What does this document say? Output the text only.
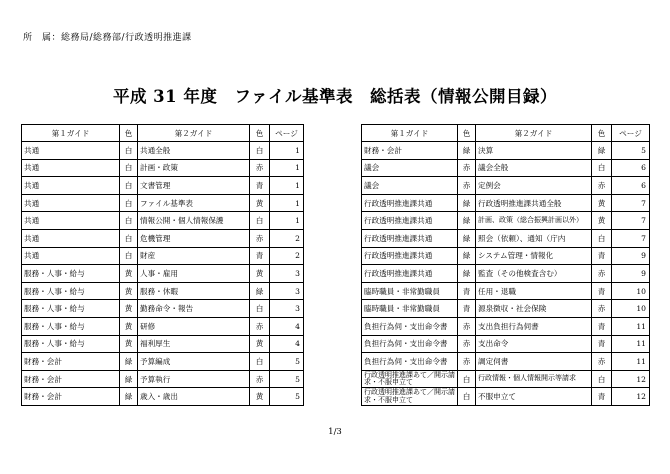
所　属：総務局/総務部/行政透明推進課
平成 31 年度　ファイル基準表　総括表（情報公開目録）
第１ガイド	色	第２ガイド	色	ページ
共通	白	共通全般	白	1
共通	白	計画・政策	赤	1
共通	白	文書管理	青	1
共通	白	ファイル基準表	黄	1
共通	白	情報公開・個人情報保護	白	1
共通	白	危機管理	赤	2
共通	白	財産	青	2
服務・人事・給与	黄	人事・雇用	黄	3
服務・人事・給与	黄	服務・休暇	緑	3
服務・人事・給与	黄	勤務命令・報告	白	3
服務・人事・給与	黄	研修	赤	4
服務・人事・給与	黄	福利厚生	黄	4
財務・会計	緑	予算編成	白	5
財務・会計	緑	予算執行	赤	5
財務・会計	緑	歳入・歳出	黄	5
第１ガイド	色	第２ガイド	色	ページ
財務・会計	緑	決算	緑	5
議会	赤	議会全般	白	6
議会	赤	定例会	赤	6
行政透明推進課共通	緑	行政透明推進課共通全般	黄	7
行政透明推進課共通	緑	計画、政策（総合振興計画以外）	黄	7
行政透明推進課共通	緑	照会（依頼）、通知（庁内	白	7
行政透明推進課共通	緑	システム管理・情報化	青	9
行政透明推進課共通	緑	監査（その他検査含む）	赤	9
臨時職員・非常勤職員	青	任用・退職	青	10
臨時職員・非常勤職員	青	源泉徴収・社会保険	赤	10
負担行為伺・支出命令書	赤	支出負担行為伺書	青	11
負担行為伺・支出命令書	赤	支出命令	青	11
負担行為伺・支出命令書	赤	調定伺書	赤	11
行政透明推進課あて／開示請求・不服申立て	白	行政情報・個人情報開示等請求	白	12
行政透明推進課あて／開示請求・不服申立て	白	不服申立て	青	12
1/3
